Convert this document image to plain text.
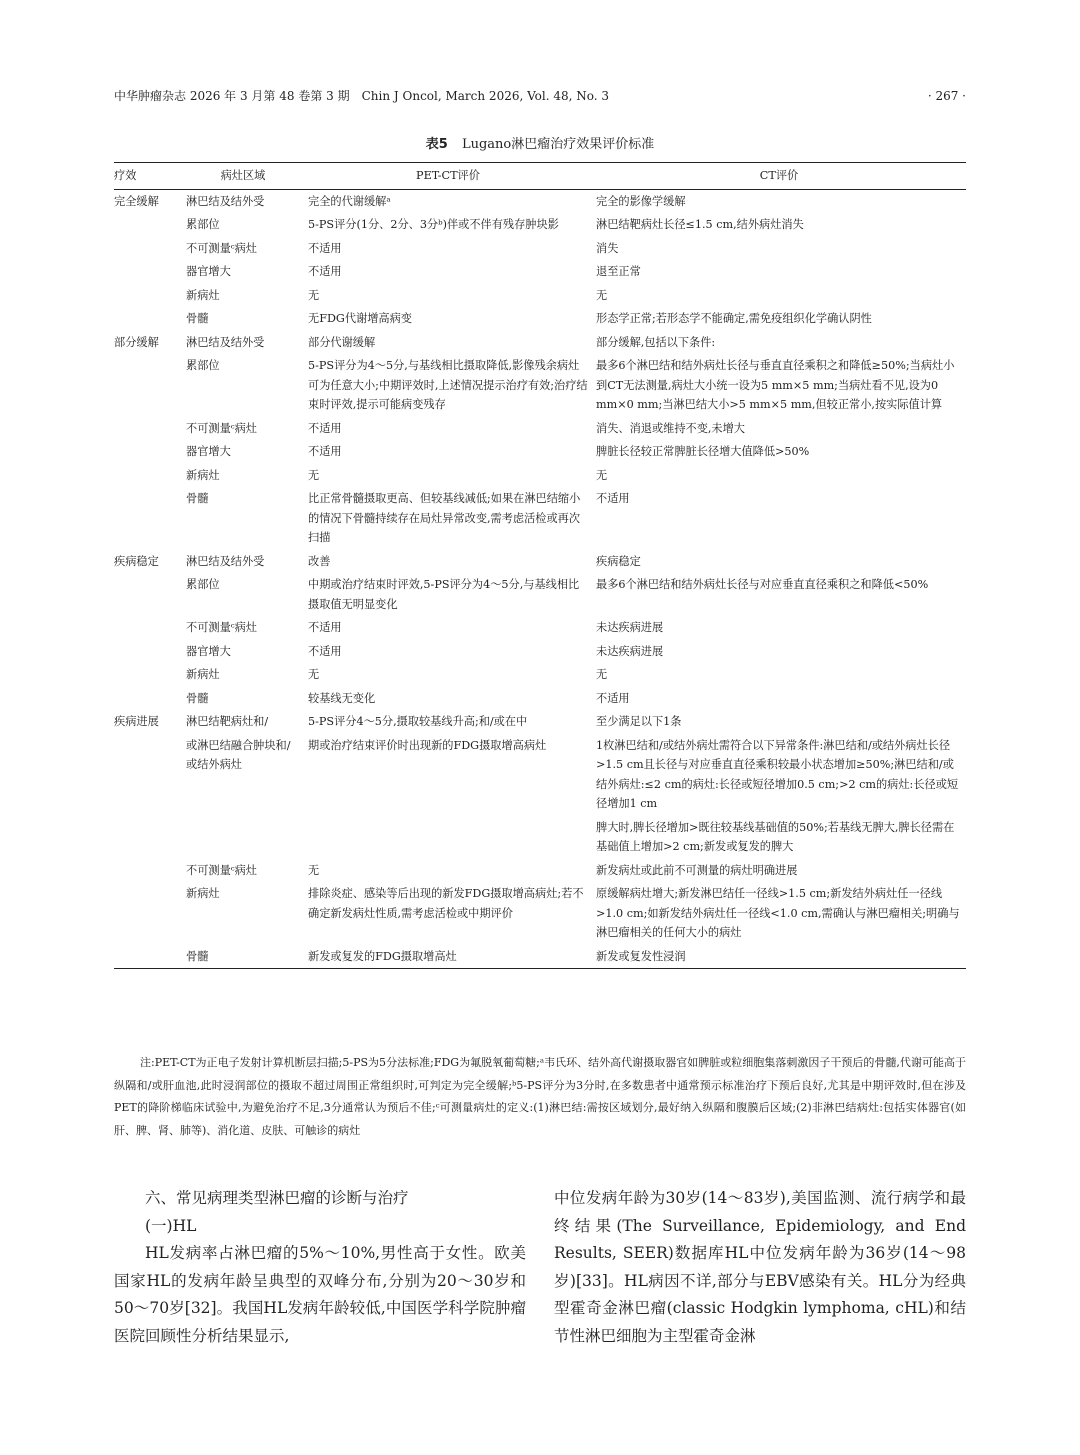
中华肿瘤杂志 2026 年 3 月第 48 卷第 3 期　Chin J Oncol, March 2026, Vol. 48, No. 3	· 267 ·
表5 Lugano淋巴瘤治疗效果评价标准
疗效	病灶区域	PET-CT评价	CT评价
完全缓解	淋巴结及结外受	完全的代谢缓解ᵃ	完全的影像学缓解
	累部位	5-PS评分(1分、2分、3分ᵇ)伴或不伴有残存肿块影	淋巴结靶病灶长径≤1.5 cm,结外病灶消失
	不可测量ᶜ病灶	不适用	消失
	器官增大	不适用	退至正常
	新病灶	无	无
	骨髓	无FDG代谢增高病变	形态学正常;若形态学不能确定,需免疫组织化学确认阴性
部分缓解	淋巴结及结外受	部分代谢缓解	部分缓解,包括以下条件:
	累部位	5-PS评分为4～5分,与基线相比摄取降低,影像残余病灶可为任意大小;中期评效时,上述情况提示治疗有效;治疗结束时评效,提示可能病变残存	最多6个淋巴结和结外病灶长径与垂直直径乘积之和降低≥50%;当病灶小到CT无法测量,病灶大小统一设为5 mm×5 mm;当病灶看不见,设为0 mm×0 mm;当淋巴结大小>5 mm×5 mm,但较正常小,按实际值计算
	不可测量ᶜ病灶	不适用	消失、消退或维持不变,未增大
	器官增大	不适用	脾脏长径较正常脾脏长径增大值降低>50%
	新病灶	无	无
	骨髓	比正常骨髓摄取更高、但较基线减低;如果在淋巴结缩小的情况下骨髓持续存在局灶异常改变,需考虑活检或再次扫描	不适用
疾病稳定	淋巴结及结外受	改善	疾病稳定
	累部位	中期或治疗结束时评效,5-PS评分为4～5分,与基线相比摄取值无明显变化	最多6个淋巴结和结外病灶长径与对应垂直直径乘积之和降低<50%
	不可测量ᶜ病灶	不适用	未达疾病进展
	器官增大	不适用	未达疾病进展
	新病灶	无	无
	骨髓	较基线无变化	不适用
疾病进展	淋巴结靶病灶和/	5-PS评分4～5分,摄取较基线升高;和/或在中	至少满足以下1条
	或淋巴结融合肿块和/或结外病灶	期或治疗结束评价时出现新的FDG摄取增高病灶	1枚淋巴结和/或结外病灶需符合以下异常条件:淋巴结和/或结外病灶长径>1.5 cm且长径与对应垂直直径乘积较最小状态增加≥50%;淋巴结和/或结外病灶:≤2 cm的病灶:长径或短径增加0.5 cm;>2 cm的病灶:长径或短径增加1 cm
			脾大时,脾长径增加>既往较基线基础值的50%;若基线无脾大,脾长径需在基础值上增加>2 cm;新发或复发的脾大
	不可测量ᶜ病灶	无	新发病灶或此前不可测量的病灶明确进展
	新病灶	排除炎症、感染等后出现的新发FDG摄取增高病灶;若不确定新发病灶性质,需考虑活检或中期评价	原缓解病灶增大;新发淋巴结任一径线>1.5 cm;新发结外病灶任一径线>1.0 cm;如新发结外病灶任一径线<1.0 cm,需确认与淋巴瘤相关;明确与淋巴瘤相关的任何大小的病灶
	骨髓	新发或复发的FDG摄取增高灶	新发或复发性浸润
注:PET-CT为正电子发射计算机断层扫描;5-PS为5分法标准;FDG为氟脱氧葡萄糖;ᵃ韦氏环、结外高代谢摄取器官如脾脏或粒细胞集落刺激因子干预后的骨髓,代谢可能高于纵隔和/或肝血池,此时浸润部位的摄取不超过周围正常组织时,可判定为完全缓解;ᵇ5-PS评分为3分时,在多数患者中通常预示标准治疗下预后良好,尤其是中期评效时,但在涉及PET的降阶梯临床试验中,为避免治疗不足,3分通常认为预后不佳;ᶜ可测量病灶的定义:(1)淋巴结:需按区域划分,最好纳入纵隔和腹膜后区域;(2)非淋巴结病灶:包括实体器官(如肝、脾、肾、肺等)、消化道、皮肤、可触诊的病灶

六、常见病理类型淋巴瘤的诊断与治疗

(一)HL

HL发病率占淋巴瘤的5%～10%,男性高于女性。欧美国家HL的发病年龄呈典型的双峰分布,分别为20～30岁和50～70岁[32]。我国HL发病年龄较低,中国医学科学院肿瘤医院回顾性分析结果显示,

中位发病年龄为30岁(14～83岁),美国监测、流行病学和最终结果(The Surveillance, Epidemiology, and End Results, SEER)数据库HL中位发病年龄为36岁(14～98岁)[33]。HL病因不详,部分与EBV感染有关。HL分为经典型霍奇金淋巴瘤(classic Hodgkin lymphoma, cHL)和结节性淋巴细胞为主型霍奇金淋
